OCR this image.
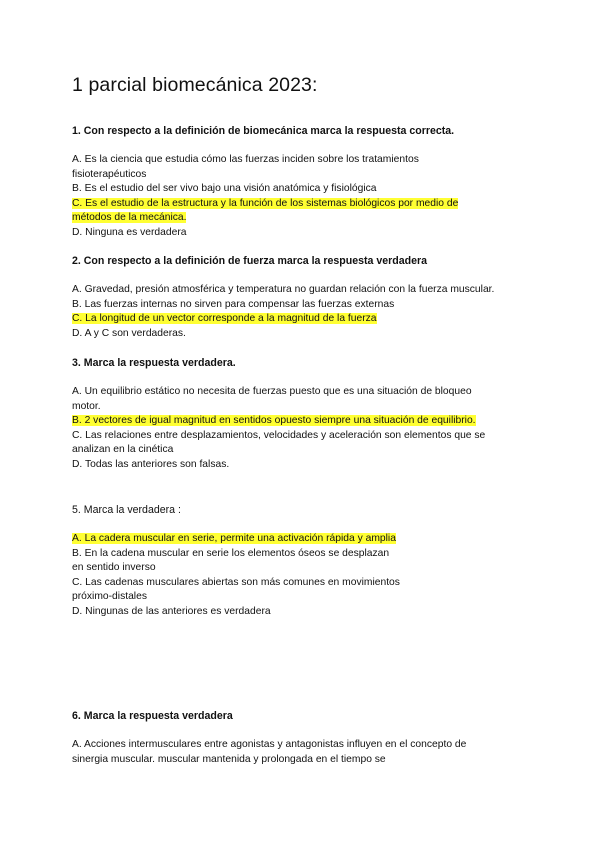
1 parcial biomecánica 2023:

1. Con respecto a la definición de biomecánica marca la respuesta correcta.

A. Es la ciencia que estudia cómo las fuerzas inciden sobre los tratamientos
fisioterapéuticos
B. Es el estudio del ser vivo bajo una visión anatómica y fisiológica
C. Es el estudio de la estructura y la función de los sistemas biológicos por medio de
métodos de la mecánica.
D. Ninguna es verdadera

2. Con respecto a la definición de fuerza marca la respuesta verdadera

A. Gravedad, presión atmosférica y temperatura no guardan relación con la fuerza muscular.
B. Las fuerzas internas no sirven para compensar las fuerzas externas
C. La longitud de un vector corresponde a la magnitud de la fuerza
D. A y C son verdaderas.

3. Marca la respuesta verdadera.

A. Un equilibrio estático no necesita de fuerzas puesto que es una situación de bloqueo
motor.
B. 2 vectores de igual magnitud en sentidos opuesto siempre una situación de equilibrio.
C. Las relaciones entre desplazamientos, velocidades y aceleración son elementos que se
analizan en la cinética
D. Todas las anteriores son falsas.

5. Marca la verdadera :

A. La cadera muscular en serie, permite una activación rápida y amplia
B. En la cadena muscular en serie los elementos óseos se desplazan
en sentido inverso
C. Las cadenas musculares abiertas son más comunes en movimientos
próximo-distales
D. Ningunas de las anteriores es verdadera

6. Marca la respuesta verdadera

A. Acciones intermusculares entre agonistas y antagonistas influyen en el concepto de
sinergia muscular. muscular mantenida y prolongada en el tiempo se
